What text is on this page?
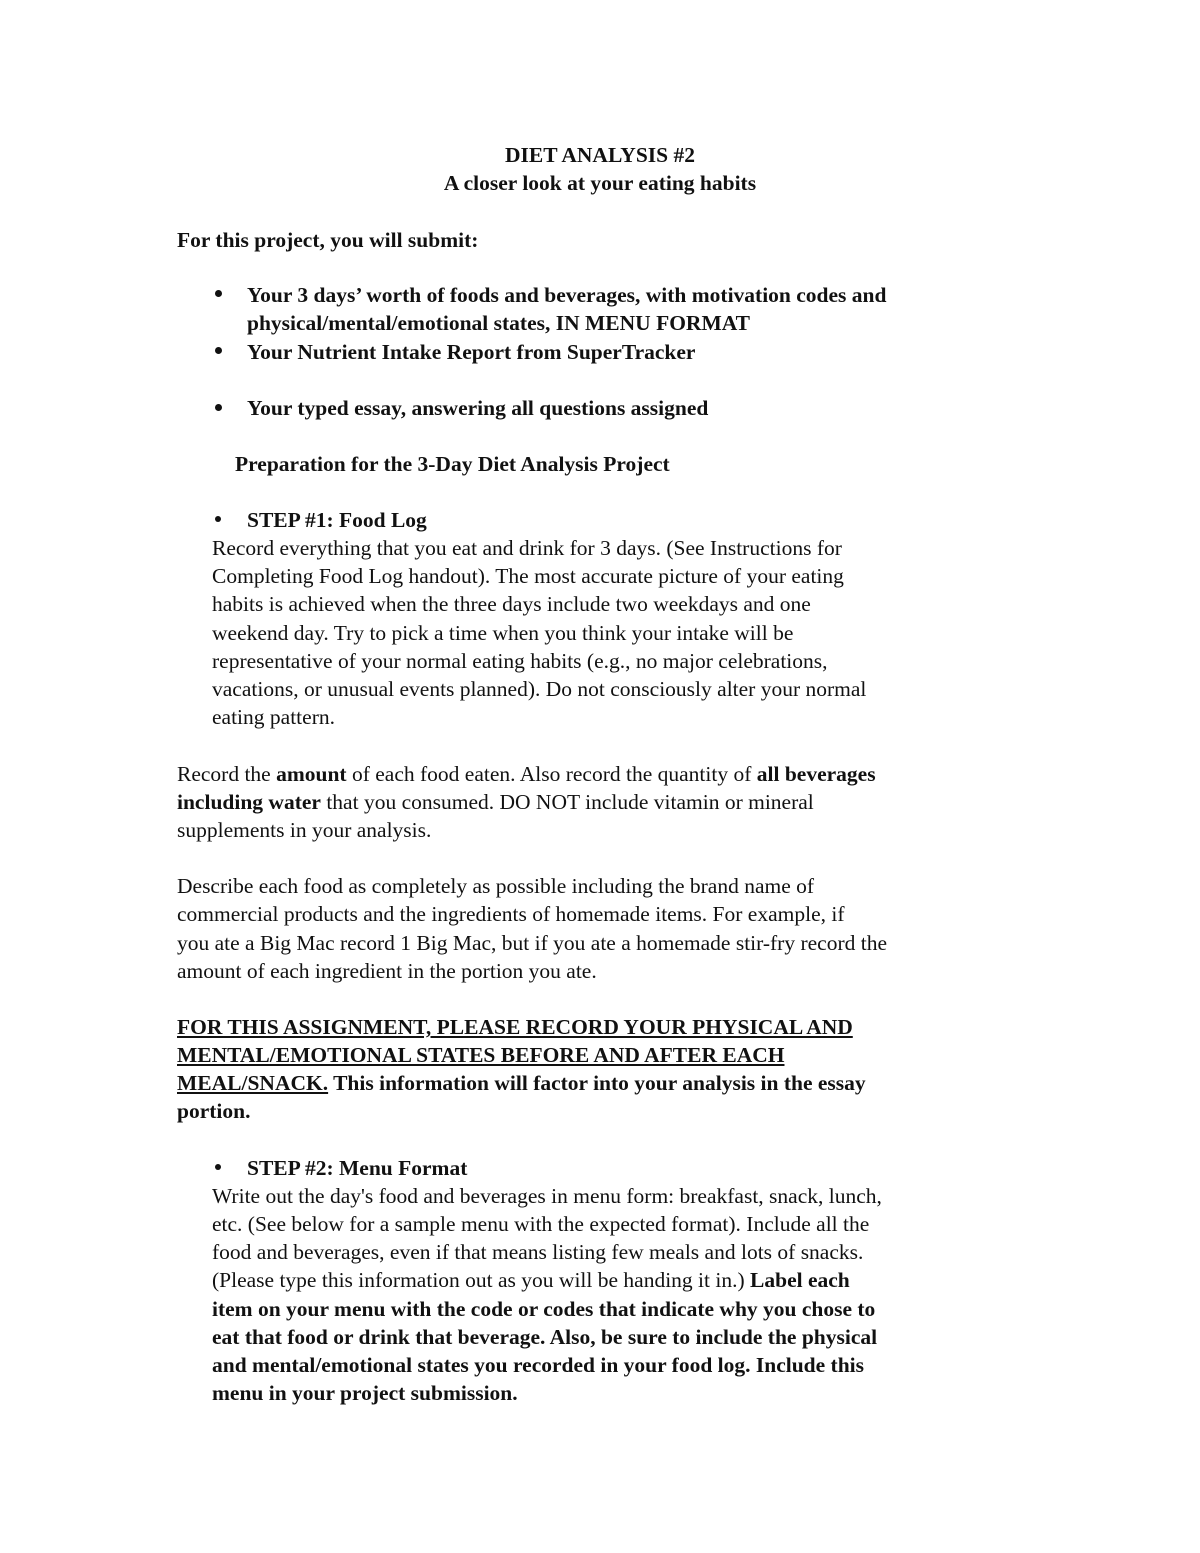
DIET ANALYSIS #2
A closer look at your eating habits
For this project, you will submit:
Your 3 days’ worth of foods and beverages, with motivation codes and
physical/mental/emotional states, IN MENU FORMAT
Your Nutrient Intake Report from SuperTracker
Your typed essay, answering all questions assigned
Preparation for the 3-Day Diet Analysis Project
STEP #1: Food Log
Record everything that you eat and drink for 3 days. (See Instructions for
Completing Food Log handout). The most accurate picture of your eating
habits is achieved when the three days include two weekdays and one
weekend day. Try to pick a time when you think your intake will be
representative of your normal eating habits (e.g., no major celebrations,
vacations, or unusual events planned). Do not consciously alter your normal
eating pattern.
Record the amount of each food eaten. Also record the quantity of all beverages
including water that you consumed. DO NOT include vitamin or mineral
supplements in your analysis.
Describe each food as completely as possible including the brand name of
commercial products and the ingredients of homemade items. For example, if
you ate a Big Mac record 1 Big Mac, but if you ate a homemade stir-fry record the
amount of each ingredient in the portion you ate.
FOR THIS ASSIGNMENT, PLEASE RECORD YOUR PHYSICAL AND
MENTAL/EMOTIONAL STATES BEFORE AND AFTER EACH
MEAL/SNACK. This information will factor into your analysis in the essay
portion.
STEP #2: Menu Format
Write out the day's food and beverages in menu form: breakfast, snack, lunch,
etc. (See below for a sample menu with the expected format). Include all the
food and beverages, even if that means listing few meals and lots of snacks.
(Please type this information out as you will be handing it in.) Label each
item on your menu with the code or codes that indicate why you chose to
eat that food or drink that beverage. Also, be sure to include the physical
and mental/emotional states you recorded in your food log. Include this
menu in your project submission.
